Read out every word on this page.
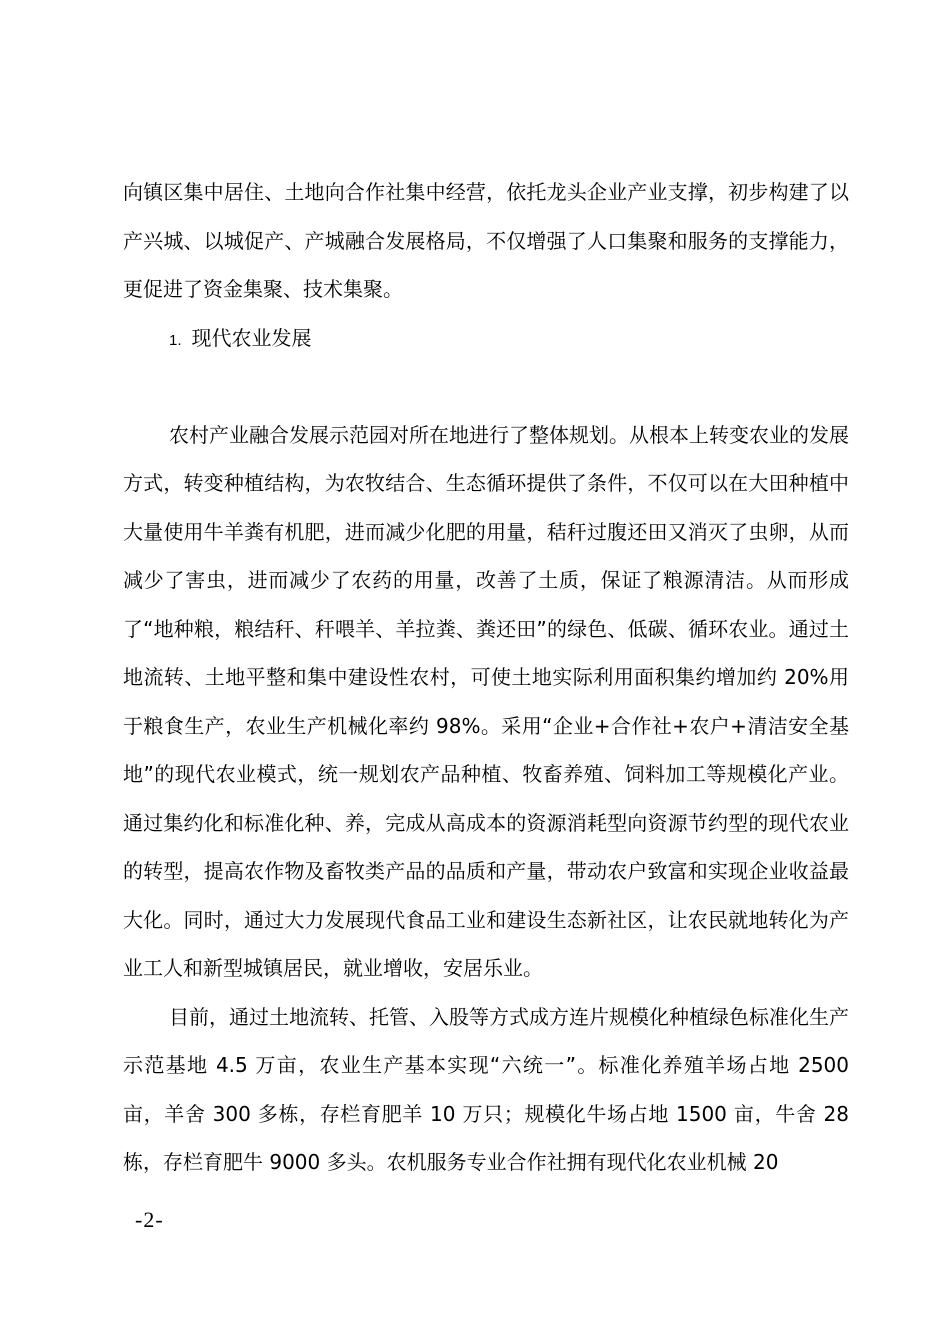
向镇区集中居住、土地向合作社集中经营，依托龙头企业产业支撑，初步构建了以产兴城、以城促产、产城融合发展格局，不仅增强了人口集聚和服务的支撑能力，更促进了资金集聚、技术集聚。

1. 现代农业发展

农村产业融合发展示范园对所在地进行了整体规划。从根本上转变农业的发展方式，转变种植结构，为农牧结合、生态循环提供了条件，不仅可以在大田种植中大量使用牛羊粪有机肥，进而减少化肥的用量，秸秆过腹还田又消灭了虫卵，从而减少了害虫，进而减少了农药的用量，改善了土质，保证了粮源清洁。从而形成了“地种粮，粮结秆、秆喂羊、羊拉粪、粪还田”的绿色、低碳、循环农业。通过土地流转、土地平整和集中建设性农村，可使土地实际利用面积集约增加约 20%用于粮食生产，农业生产机械化率约 98%。采用“企业+合作社+农户+清洁安全基地”的现代农业模式，统一规划农产品种植、牧畜养殖、饲料加工等规模化产业。通过集约化和标准化种、养，完成从高成本的资源消耗型向资源节约型的现代农业的转型，提高农作物及畜牧类产品的品质和产量，带动农户致富和实现企业收益最大化。同时，通过大力发展现代食品工业和建设生态新社区，让农民就地转化为产业工人和新型城镇居民，就业增收，安居乐业。

目前，通过土地流转、托管、入股等方式成方连片规模化种植绿色标准化生产示范基地 4.5 万亩，农业生产基本实现“六统一”。标准化养殖羊场占地 2500 亩，羊舍 300 多栋，存栏育肥羊 10 万只；规模化牛场占地 1500 亩，牛舍 28 栋，存栏育肥牛 9000 多头。农机服务专业合作社拥有现代化农业机械 20

-2-
